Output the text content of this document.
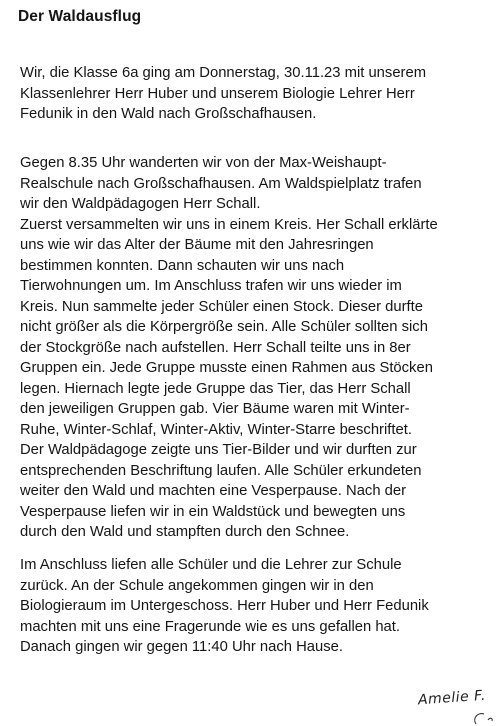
Der Waldausflug
Wir, die Klasse 6a ging am Donnerstag, 30.11.23 mit unserem
Klassenlehrer Herr Huber und unserem Biologie Lehrer Herr
Fedunik in den Wald nach Großschafhausen.
Gegen 8.35 Uhr wanderten wir von der Max-Weishaupt-
Realschule nach Großschafhausen. Am Waldspielplatz trafen
wir den Waldpädagogen Herr Schall.
Zuerst versammelten wir uns in einem Kreis. Her Schall erklärte
uns wie wir das Alter der Bäume mit den Jahresringen
bestimmen konnten. Dann schauten wir uns nach
Tierwohnungen um. Im Anschluss trafen wir uns wieder im
Kreis. Nun sammelte jeder Schüler einen Stock. Dieser durfte
nicht größer als die Körpergröße sein. Alle Schüler sollten sich
der Stockgröße nach aufstellen. Herr Schall teilte uns in 8er
Gruppen ein. Jede Gruppe musste einen Rahmen aus Stöcken
legen. Hiernach legte jede Gruppe das Tier, das Herr Schall
den jeweiligen Gruppen gab. Vier Bäume waren mit Winter-
Ruhe, Winter-Schlaf, Winter-Aktiv, Winter-Starre beschriftet.
Der Waldpädagoge zeigte uns Tier-Bilder und wir durften zur
entsprechenden Beschriftung laufen. Alle Schüler erkundeten
weiter den Wald und machten eine Vesperpause. Nach der
Vesperpause liefen wir in ein Waldstück und bewegten uns
durch den Wald und stampften durch den Schnee.
Im Anschluss liefen alle Schüler und die Lehrer zur Schule
zurück. An der Schule angekommen gingen wir in den
Biologieraum im Untergeschoss. Herr Huber und Herr Fedunik
machten mit uns eine Fragerunde wie es uns gefallen hat.
Danach gingen wir gegen 11:40 Uhr nach Hause.
Amelie F.
